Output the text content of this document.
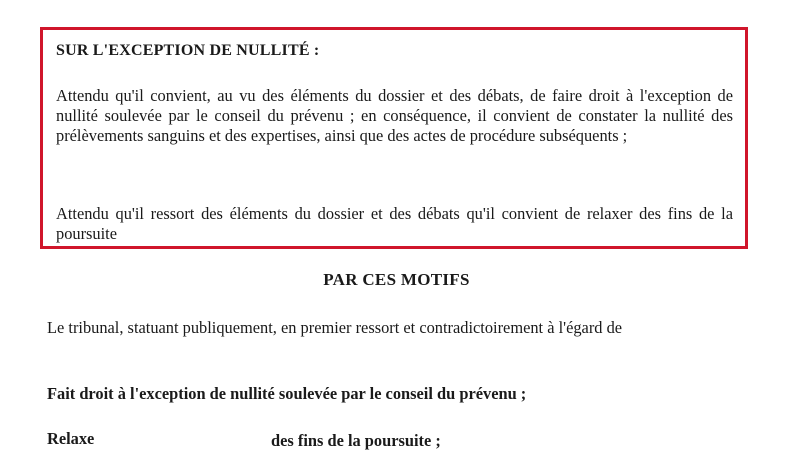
SUR L'EXCEPTION DE NULLITÉ :
Attendu qu'il convient, au vu des éléments du dossier et des débats, de faire droit à l'exception de nullité soulevée par le conseil du prévenu ; en conséquence, il convient de constater la nullité des prélèvements sanguins et des expertises, ainsi que des actes de procédure subséquents ;
Attendu qu'il ressort des éléments du dossier et des débats qu'il convient de relaxer des fins de la poursuite
PAR CES MOTIFS
Le tribunal, statuant publiquement, en premier ressort et contradictoirement à l'égard de
Fait droit à l'exception de nullité soulevée par le conseil du prévenu ;
Relaxe	des fins de la poursuite ;
